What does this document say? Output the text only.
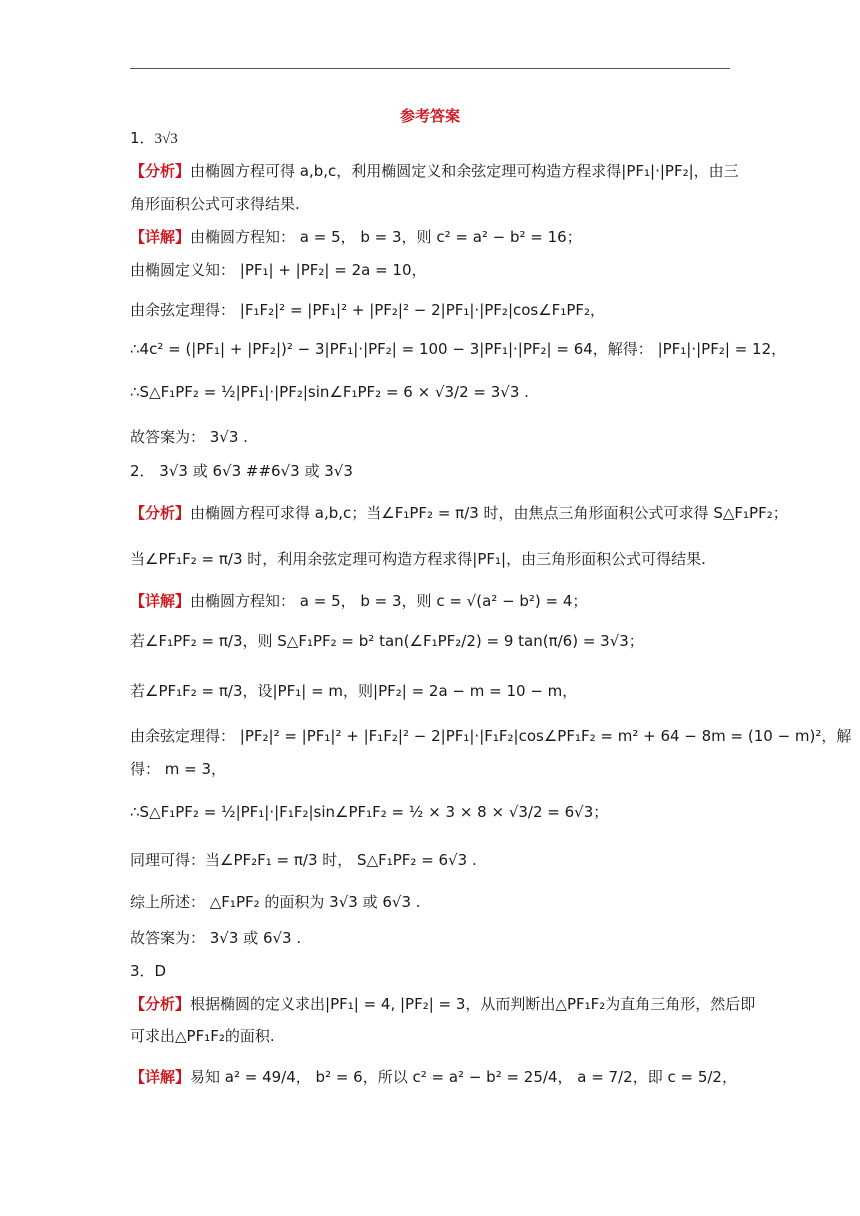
参考答案
1．3√3
【分析】由椭圆方程可得 a,b,c，利用椭圆定义和余弦定理可构造方程求得|PF₁|·|PF₂|，由三
角形面积公式可求得结果.
【详解】由椭圆方程知： a = 5， b = 3，则 c² = a² − b² = 16；
由椭圆定义知： |PF₁| + |PF₂| = 2a = 10，
由余弦定理得： |F₁F₂|² = |PF₁|² + |PF₂|² − 2|PF₁|·|PF₂|cos∠F₁PF₂，
∴4c² = (|PF₁| + |PF₂|)² − 3|PF₁|·|PF₂| = 100 − 3|PF₁|·|PF₂| = 64，解得： |PF₁|·|PF₂| = 12，
∴S△F₁PF₂ = ½|PF₁|·|PF₂|sin∠F₁PF₂ = 6 × √3/2 = 3√3 .
故答案为： 3√3 .
2． 3√3 或 6√3 ##6√3 或 3√3
【分析】由椭圆方程可求得 a,b,c；当∠F₁PF₂ = π/3 时，由焦点三角形面积公式可求得 S△F₁PF₂；
当∠PF₁F₂ = π/3 时，利用余弦定理可构造方程求得|PF₁|，由三角形面积公式可得结果.
【详解】由椭圆方程知： a = 5， b = 3，则 c = √(a² − b²) = 4；
若∠F₁PF₂ = π/3，则 S△F₁PF₂ = b² tan(∠F₁PF₂/2) = 9 tan(π/6) = 3√3；
若∠PF₁F₂ = π/3，设|PF₁| = m，则|PF₂| = 2a − m = 10 − m，
由余弦定理得： |PF₂|² = |PF₁|² + |F₁F₂|² − 2|PF₁|·|F₁F₂|cos∠PF₁F₂ = m² + 64 − 8m = (10 − m)²，解
得： m = 3，
∴S△F₁PF₂ = ½|PF₁|·|F₁F₂|sin∠PF₁F₂ = ½ × 3 × 8 × √3/2 = 6√3；
同理可得：当∠PF₂F₁ = π/3 时， S△F₁PF₂ = 6√3 .
综上所述： △F₁PF₂ 的面积为 3√3 或 6√3 .
故答案为： 3√3 或 6√3 .
3．D
【分析】根据椭圆的定义求出|PF₁| = 4, |PF₂| = 3，从而判断出△PF₁F₂为直角三角形，然后即
可求出△PF₁F₂的面积.
【详解】易知 a² = 49/4， b² = 6，所以 c² = a² − b² = 25/4， a = 7/2，即 c = 5/2，
